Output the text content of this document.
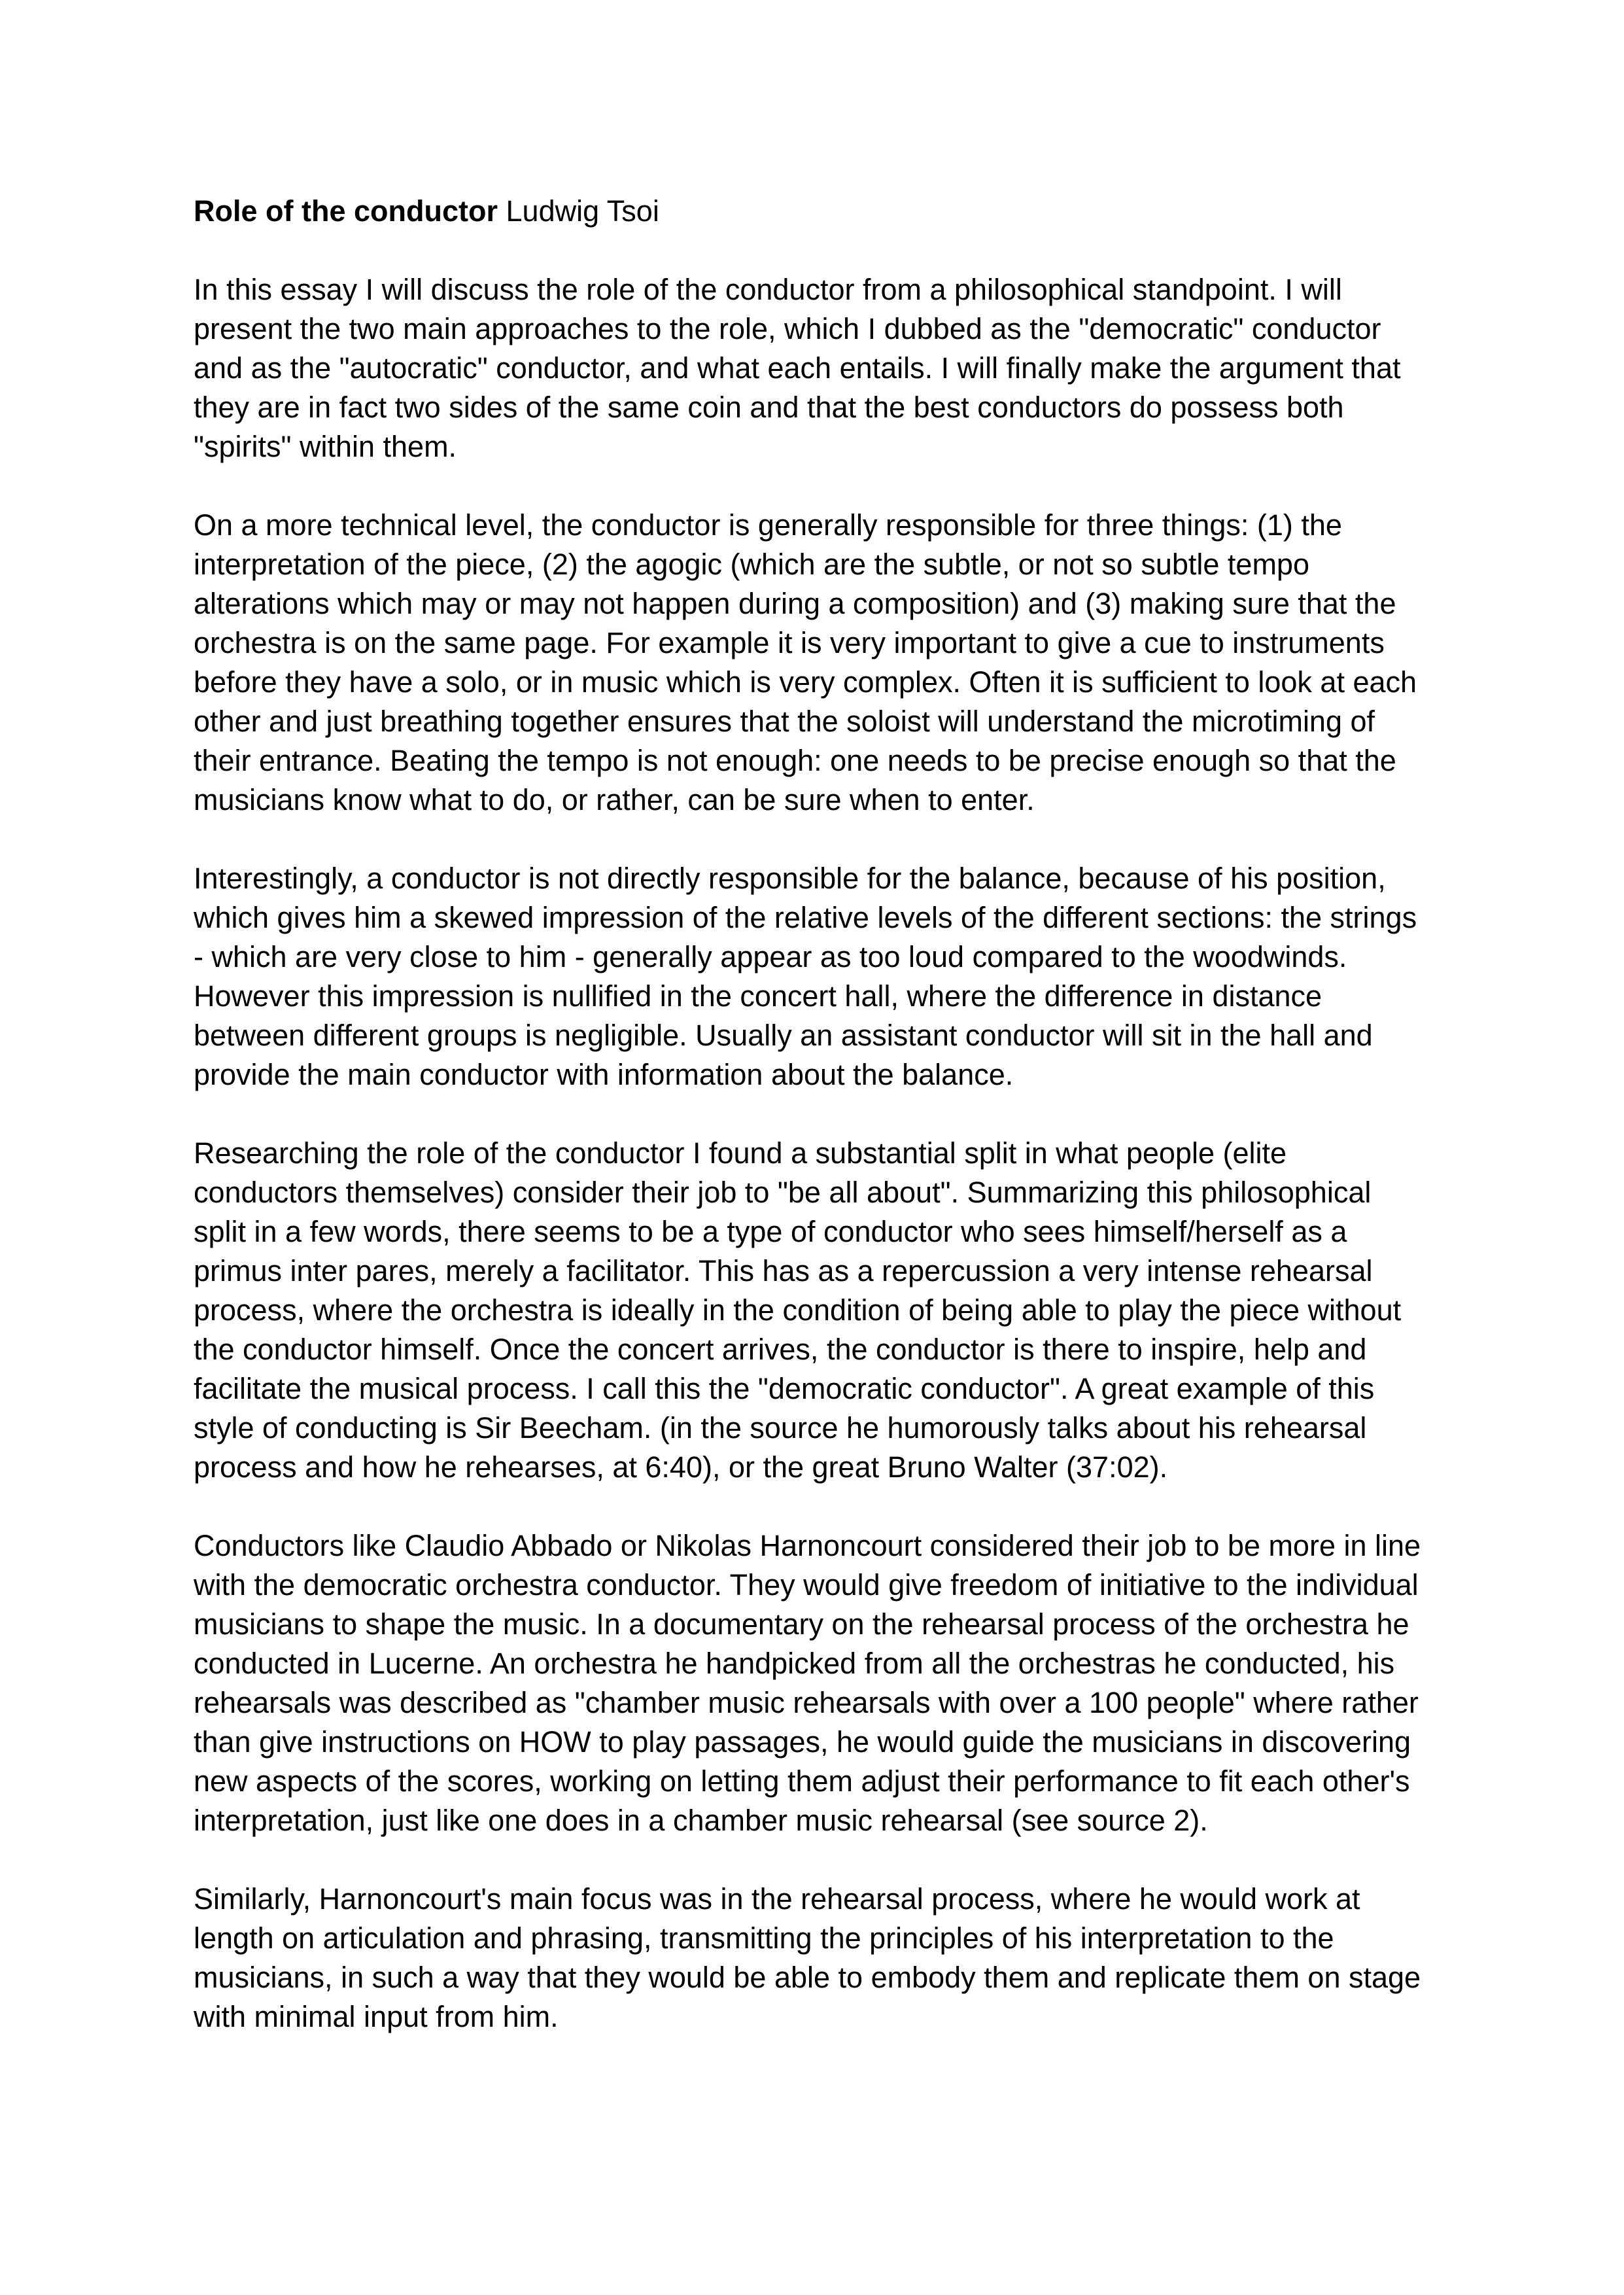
Role of the conductor Ludwig Tsoi

In this essay I will discuss the role of the conductor from a philosophical standpoint. I will present the two main approaches to the role, which I dubbed as the "democratic" conductor and as the "autocratic" conductor, and what each entails. I will finally make the argument that they are in fact two sides of the same coin and that the best conductors do possess both "spirits" within them.

On a more technical level, the conductor is generally responsible for three things: (1) the interpretation of the piece, (2) the agogic (which are the subtle, or not so subtle tempo alterations which may or may not happen during a composition) and (3) making sure that the orchestra is on the same page. For example it is very important to give a cue to instruments before they have a solo, or in music which is very complex. Often it is sufficient to look at each other and just breathing together ensures that the soloist will understand the microtiming of their entrance. Beating the tempo is not enough: one needs to be precise enough so that the musicians know what to do, or rather, can be sure when to enter.

Interestingly, a conductor is not directly responsible for the balance, because of his position, which gives him a skewed impression of the relative levels of the different sections: the strings - which are very close to him - generally appear as too loud compared to the woodwinds. However this impression is nullified in the concert hall, where the difference in distance between different groups is negligible. Usually an assistant conductor will sit in the hall and provide the main conductor with information about the balance.

Researching the role of the conductor I found a substantial split in what people (elite conductors themselves) consider their job to "be all about". Summarizing this philosophical split in a few words, there seems to be a type of conductor who sees himself/herself as a primus inter pares, merely a facilitator. This has as a repercussion a very intense rehearsal process, where the orchestra is ideally in the condition of being able to play the piece without the conductor himself. Once the concert arrives, the conductor is there to inspire, help and facilitate the musical process. I call this the "democratic conductor". A great example of this style of conducting is Sir Beecham. (in the source he humorously talks about his rehearsal process and how he rehearses, at 6:40), or the great Bruno Walter (37:02).

Conductors like Claudio Abbado or Nikolas Harnoncourt considered their job to be more in line with the democratic orchestra conductor. They would give freedom of initiative to the individual musicians to shape the music. In a documentary on the rehearsal process of the orchestra he conducted in Lucerne. An orchestra he handpicked from all the orchestras he conducted, his rehearsals was described as "chamber music rehearsals with over a 100 people" where rather than give instructions on HOW to play passages, he would guide the musicians in discovering new aspects of the scores, working on letting them adjust their performance to fit each other's interpretation, just like one does in a chamber music rehearsal (see source 2).

Similarly, Harnoncourt's main focus was in the rehearsal process, where he would work at length on articulation and phrasing, transmitting the principles of his interpretation to the musicians, in such a way that they would be able to embody them and replicate them on stage with minimal input from him.
